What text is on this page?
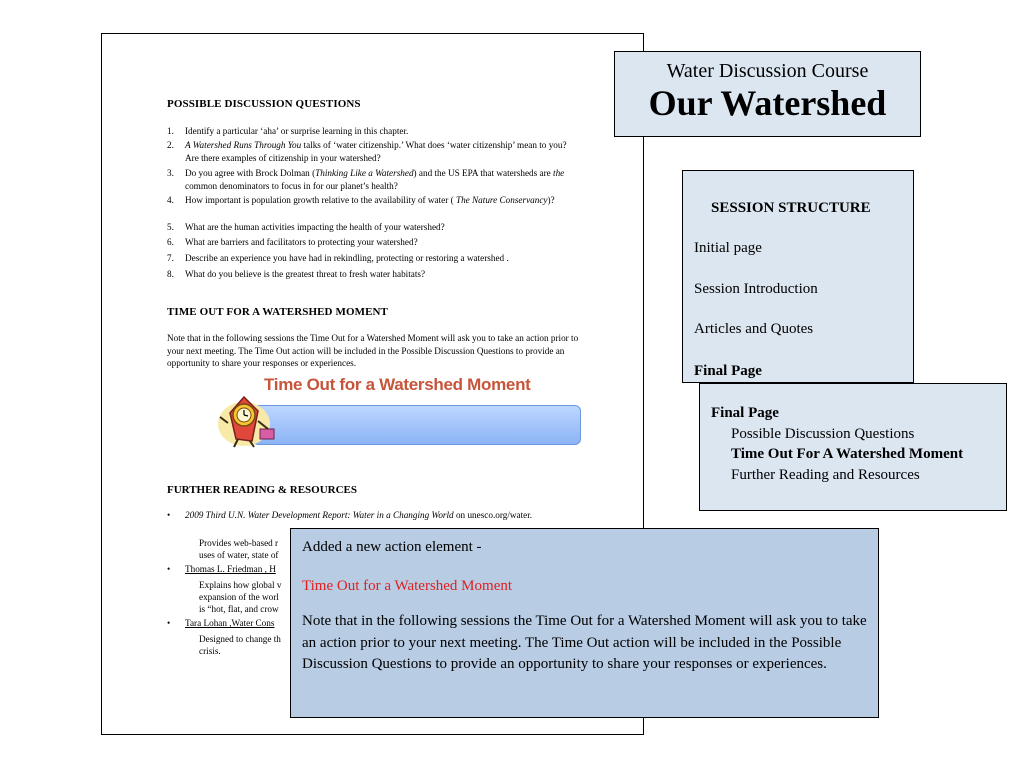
POSSIBLE DISCUSSION QUESTIONS
1. Identify a particular ‘aha’ or surprise learning in this chapter.
2. A Watershed Runs Through You talks of ‘water citizenship.’ What does ‘water citizenship’ mean to you? Are there examples of citizenship in your watershed?
3. Do you agree with Brock Dolman (Thinking Like a Watershed) and the US EPA that watersheds are the common denominators to focus in for our planet’s health?
4. How important is population growth relative to the availability of water ( The Nature Conservancy)?
5. What are the human activities impacting the health of your watershed?
6. What are barriers and facilitators to protecting your watershed?
7. Describe an experience you have had in rekindling, protecting or restoring a watershed .
8. What do you believe is the greatest threat to fresh water habitats?
TIME OUT FOR A WATERSHED MOMENT
Note that in the following sessions the Time Out for a Watershed Moment will ask you to take an action prior to your next meeting. The Time Out action will be included in the Possible Discussion Questions to provide an opportunity to share your responses or experiences.
Time Out for a Watershed Moment
FURTHER READING & RESOURCES
• 2009 Third U.N. Water Development Report: Water in a Changing World on unesco.org/water.
Provides web-based r
uses of water, state of
• Thomas L. Friedman , H
Explains how global v
expansion of the worl
is “hot, flat, and crow
• Tara Lohan ,Water Cons
Designed to change th
crisis.
Water Discussion Course
Our Watershed
SESSION STRUCTURE
Initial page
Session Introduction
Articles and Quotes
Final Page
Final Page
Possible Discussion Questions
Time Out For A Watershed Moment
Further Reading and Resources
Added a new action element -
Time Out for a Watershed Moment
Note that in the following sessions the Time Out for a Watershed Moment will ask you to take an action prior to your next meeting. The Time Out action will be included in the Possible Discussion Questions to provide an opportunity to share your responses or experiences.
